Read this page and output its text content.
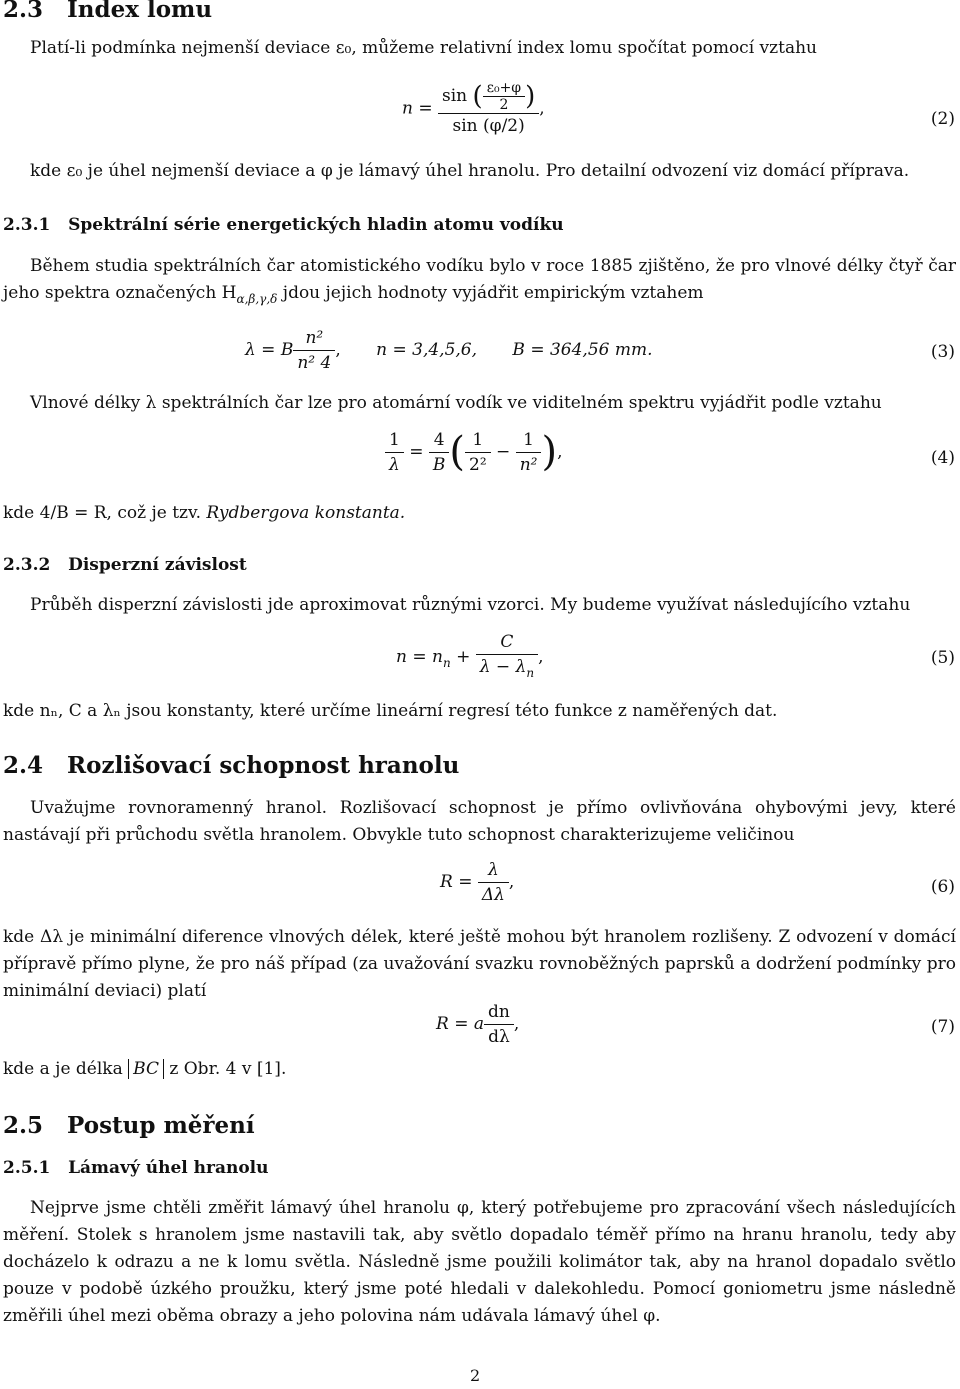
2.3 Index lomu
Platí-li podmínka nejmenší deviace ε₀, můžeme relativní index lomu spočítat pomocí vztahu
$n = \frac{\sin ( \frac{\text{ε₀+φ}}{2} )}{\sin (\varphi/2)}$ ,
(2)
kde ε₀ je úhel nejmenší deviace a φ je lámavý úhel hranolu. Pro detailní odvození viz domácí příprava.
2.3.1 Spektrální série energetických hladin atomu vodíku
Během studia spektrálních čar atomistického vodíku bylo v roce 1885 zjištěno, že pro vlnové délky čtyř čar jeho spektra označených $H_{\alpha,\beta,\gamma,\delta}$ jdou jejich hodnoty vyjádřit empirickým vztahem
λ = B $\frac{\text{n²}}{\text{n² 4}}$ , n = 3,4,5,6, B = 364,56 mm.	(3)
Vlnové délky λ spektrálních čar lze pro atomární vodík ve viditelném spektru vyjádřit podle vztahu
$\frac{1}{\lambda} = \frac{4}{B}$ ( $\frac{1}{\text{2²}} - \frac{1}{\text{n²}}$ ),	(4)
kde 4/B = R, což je tzv. Rydbergova konstanta.
2.3.2 Disperzní závislost
Průběh disperzní závislosti jde aproximovat různými vzorci. My budeme využívat následujícího vztahu
$n = n_n + \frac{C}{\lambda - \lambda_n}$ ,	(5)
kde nₙ, C a λₙ jsou konstanty, které určíme lineární regresí této funkce z naměřených dat.
2.4 Rozlišovací schopnost hranolu
Uvažujme rovnoramenný hranol. Rozlišovací schopnost je přímo ovlivňována ohybovými jevy, které nastávají při průchodu světla hranolem. Obvykle tuto schopnost charakterizujeme veličinou
$R = \frac{\lambda}{\Delta\lambda}$ ,	(6)
kde Δλ je minimální diference vlnových délek, které ještě mohou být hranolem rozlišeny. Z odvození v domácí přípravě přímo plyne, že pro náš případ (za uvažování svazku rovnoběžných paprsků a dodržení podmínky pro minimální deviaci) platí
R = a $\frac{dn}{d\lambda}$ ,	(7)
kde a je délka BC z Obr. 4 v [1].
2.5 Postup měření
2.5.1 Lámavý úhel hranolu
Nejprve jsme chtěli změřit lámavý úhel hranolu φ, který potřebujeme pro zpracování všech následujících měření. Stolek s hranolem jsme nastavili tak, aby světlo dopadalo téměř přímo na hranu hranolu, tedy aby docházelo k odrazu a ne k lomu světla. Následně jsme použili kolimátor tak, aby na hranol dopadalo světlo pouze v podobě úzkého proužku, který jsme poté hledali v dalekohledu. Pomocí goniometru jsme následně změřili úhel mezi oběma obrazy a jeho polovina nám udávala lámavý úhel φ.
2
